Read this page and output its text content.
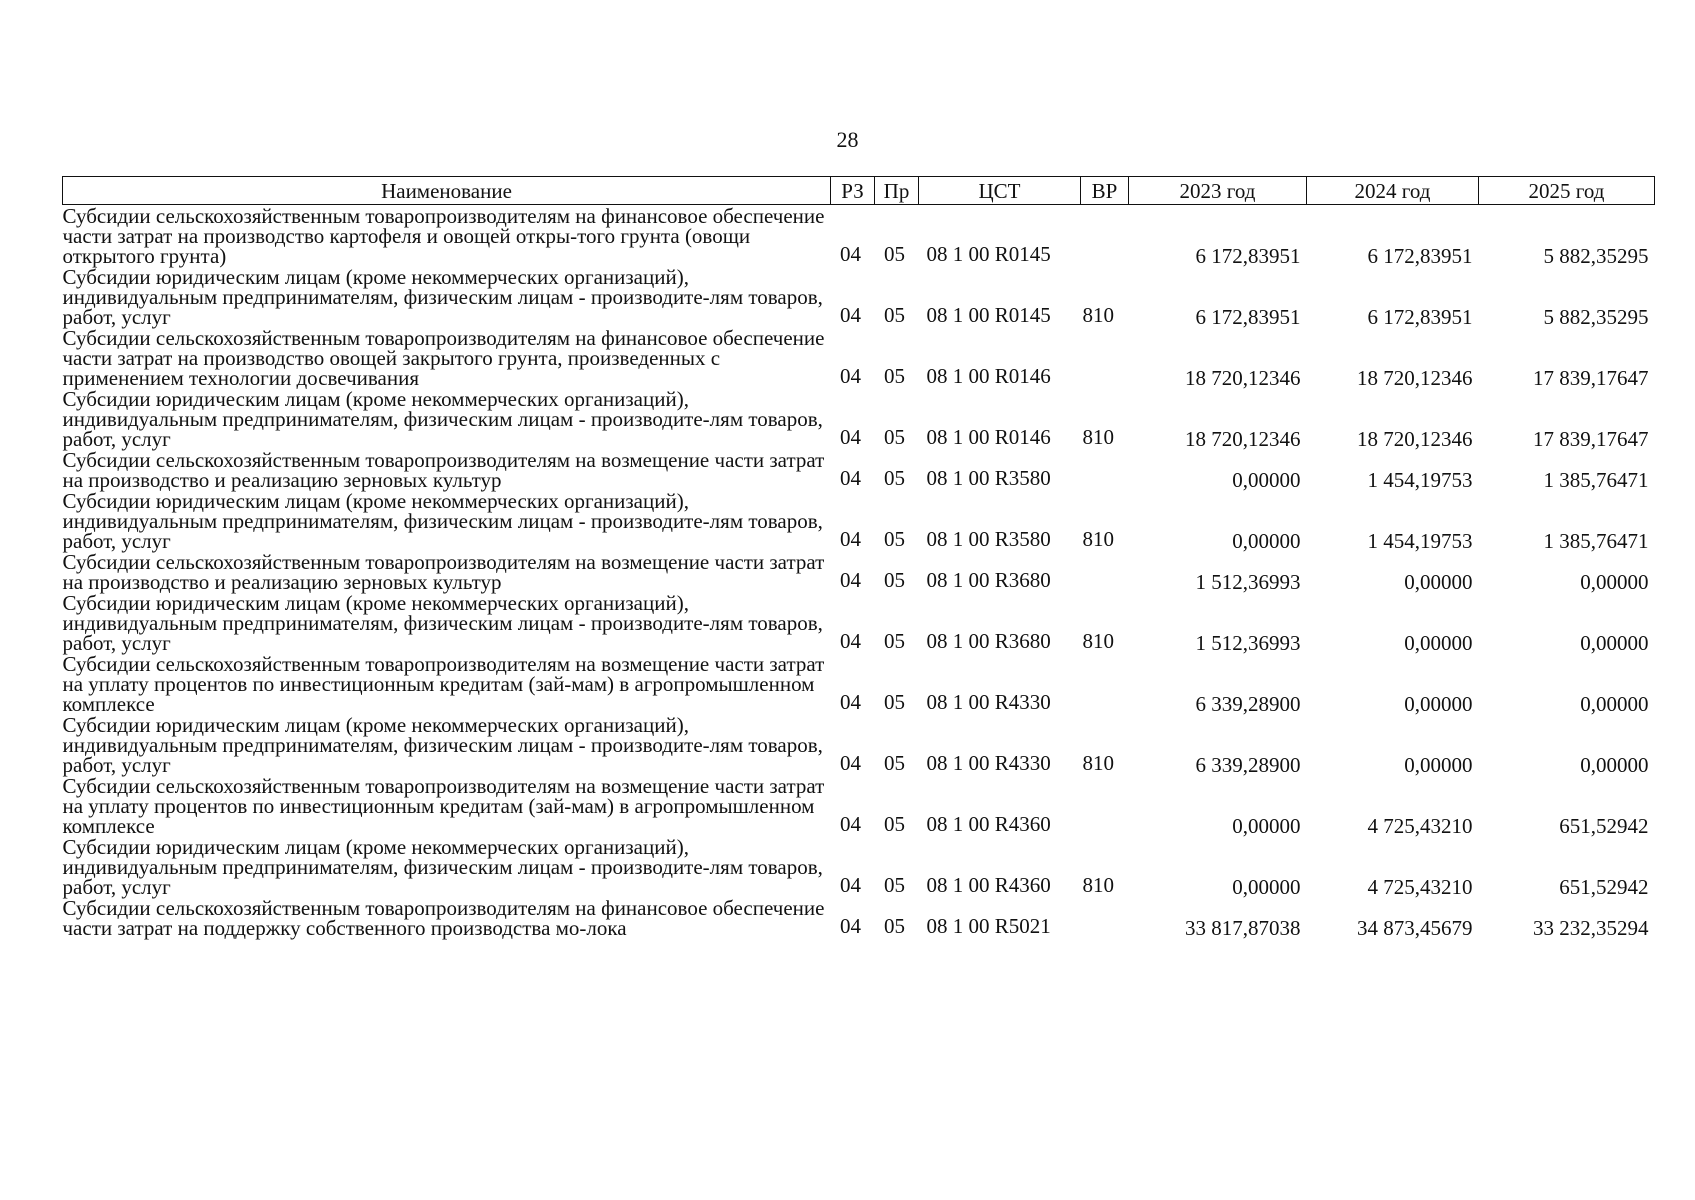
28
Наименование	РЗ	Пр	ЦСТ	ВР	2023 год	2024 год	2025 год
Субсидии сельскохозяйственным товаропроизводителям на финансовое обеспечение части затрат на производство картофеля и овощей откры-того грунта (овощи открытого грунта)	04	05	08 1 00 R0145		6 172,83951	6 172,83951	5 882,35295
Субсидии юридическим лицам (кроме некоммерческих организаций), индивидуальным предпринимателям, физическим лицам - производите-лям товаров, работ, услуг	04	05	08 1 00 R0145	810	6 172,83951	6 172,83951	5 882,35295
Субсидии сельскохозяйственным товаропроизводителям на финансовое обеспечение части затрат на производство овощей закрытого грунта, произведенных с применением технологии досвечивания	04	05	08 1 00 R0146		18 720,12346	18 720,12346	17 839,17647
Субсидии юридическим лицам (кроме некоммерческих организаций), индивидуальным предпринимателям, физическим лицам - производите-лям товаров, работ, услуг	04	05	08 1 00 R0146	810	18 720,12346	18 720,12346	17 839,17647
Субсидии сельскохозяйственным товаропроизводителям на возмещение части затрат на производство и реализацию зерновых культур	04	05	08 1 00 R3580		0,00000	1 454,19753	1 385,76471
Субсидии юридическим лицам (кроме некоммерческих организаций), индивидуальным предпринимателям, физическим лицам - производите-лям товаров, работ, услуг	04	05	08 1 00 R3580	810	0,00000	1 454,19753	1 385,76471
Субсидии сельскохозяйственным товаропроизводителям на возмещение части затрат на производство и реализацию зерновых культур	04	05	08 1 00 R3680		1 512,36993	0,00000	0,00000
Субсидии юридическим лицам (кроме некоммерческих организаций), индивидуальным предпринимателям, физическим лицам - производите-лям товаров, работ, услуг	04	05	08 1 00 R3680	810	1 512,36993	0,00000	0,00000
Субсидии сельскохозяйственным товаропроизводителям на возмещение части затрат на уплату процентов по инвестиционным кредитам (зай-мам) в агропромышленном комплексе	04	05	08 1 00 R4330		6 339,28900	0,00000	0,00000
Субсидии юридическим лицам (кроме некоммерческих организаций), индивидуальным предпринимателям, физическим лицам - производите-лям товаров, работ, услуг	04	05	08 1 00 R4330	810	6 339,28900	0,00000	0,00000
Субсидии сельскохозяйственным товаропроизводителям на возмещение части затрат на уплату процентов по инвестиционным кредитам (зай-мам) в агропромышленном комплексе	04	05	08 1 00 R4360		0,00000	4 725,43210	651,52942
Субсидии юридическим лицам (кроме некоммерческих организаций), индивидуальным предпринимателям, физическим лицам - производите-лям товаров, работ, услуг	04	05	08 1 00 R4360	810	0,00000	4 725,43210	651,52942
Субсидии сельскохозяйственным товаропроизводителям на финансовое обеспечение части затрат на поддержку собственного производства мо-лока	04	05	08 1 00 R5021		33 817,87038	34 873,45679	33 232,35294
